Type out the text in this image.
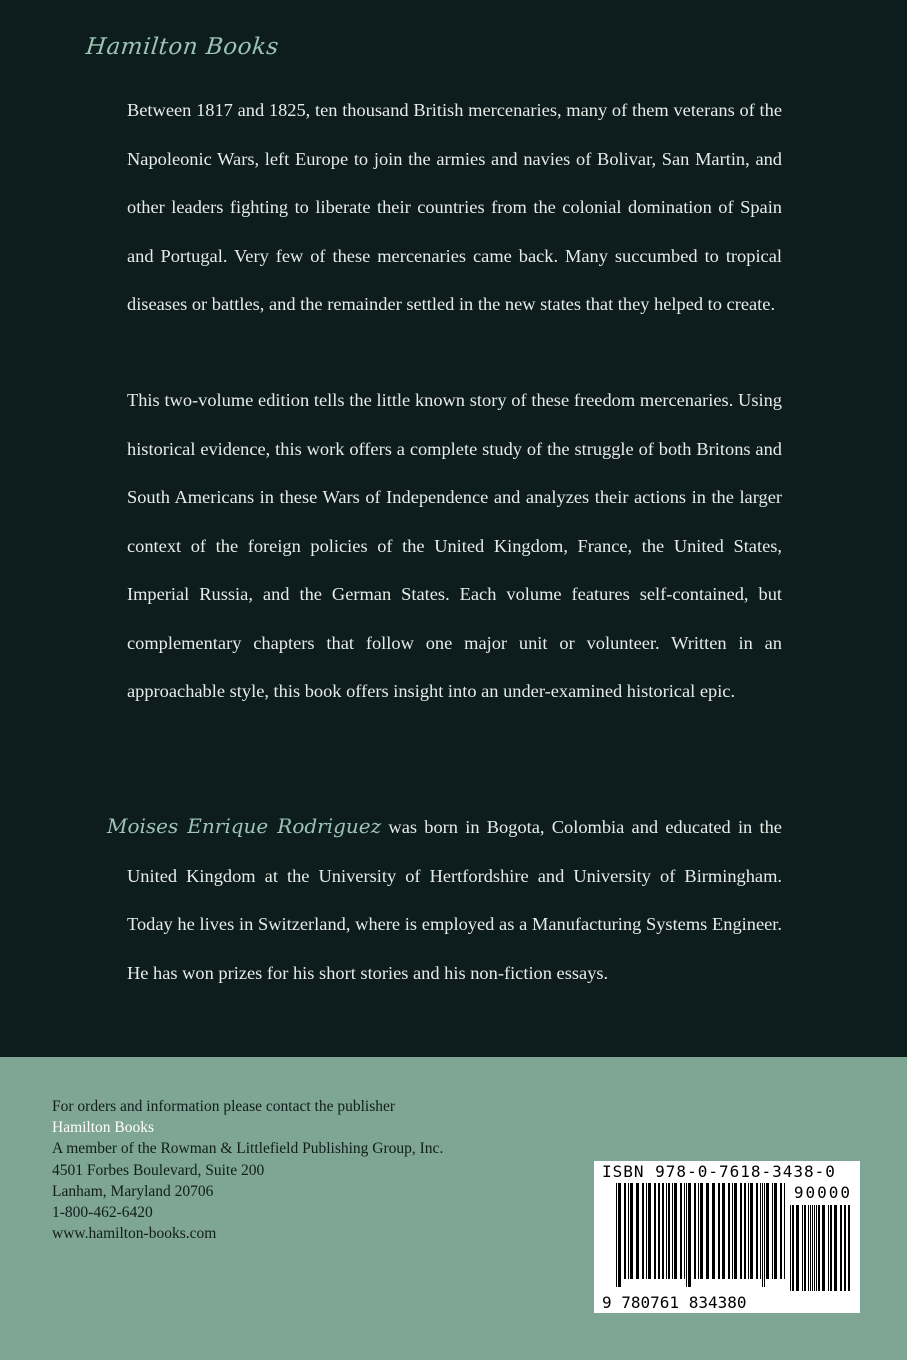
Hamilton Books

Between 1817 and 1825, ten thousand British mercenaries, many of them veterans of the Napoleonic Wars, left Europe to join the armies and navies of Bolivar, San Martin, and other leaders fighting to liberate their countries from the colonial domination of Spain and Portugal. Very few of these mercenaries came back. Many succumbed to tropical diseases or battles, and the remainder settled in the new states that they helped to create.

This two-volume edition tells the little known story of these freedom mercenaries. Using historical evidence, this work offers a complete study of the struggle of both Britons and South Americans in these Wars of Independence and analyzes their actions in the larger context of the foreign policies of the United Kingdom, France, the United States, Imperial Russia, and the German States. Each volume features self-contained, but complementary chapters that follow one major unit or volunteer. Written in an approachable style, this book offers insight into an under-examined historical epic.

Moises Enrique Rodriguez was born in Bogota, Colombia and educated in the United Kingdom at the University of Hertfordshire and University of Birmingham. Today he lives in Switzerland, where is employed as a Manufacturing Systems Engineer. He has won prizes for his short stories and his non-fiction essays.

For orders and information please contact the publisher
Hamilton Books
A member of the Rowman & Littlefield Publishing Group, Inc.
4501 Forbes Boulevard, Suite 200
Lanham, Maryland 20706
1-800-462-6420
www.hamilton-books.com
ISBN 978-0-7618-3438-0
90000
9 780761 834380
